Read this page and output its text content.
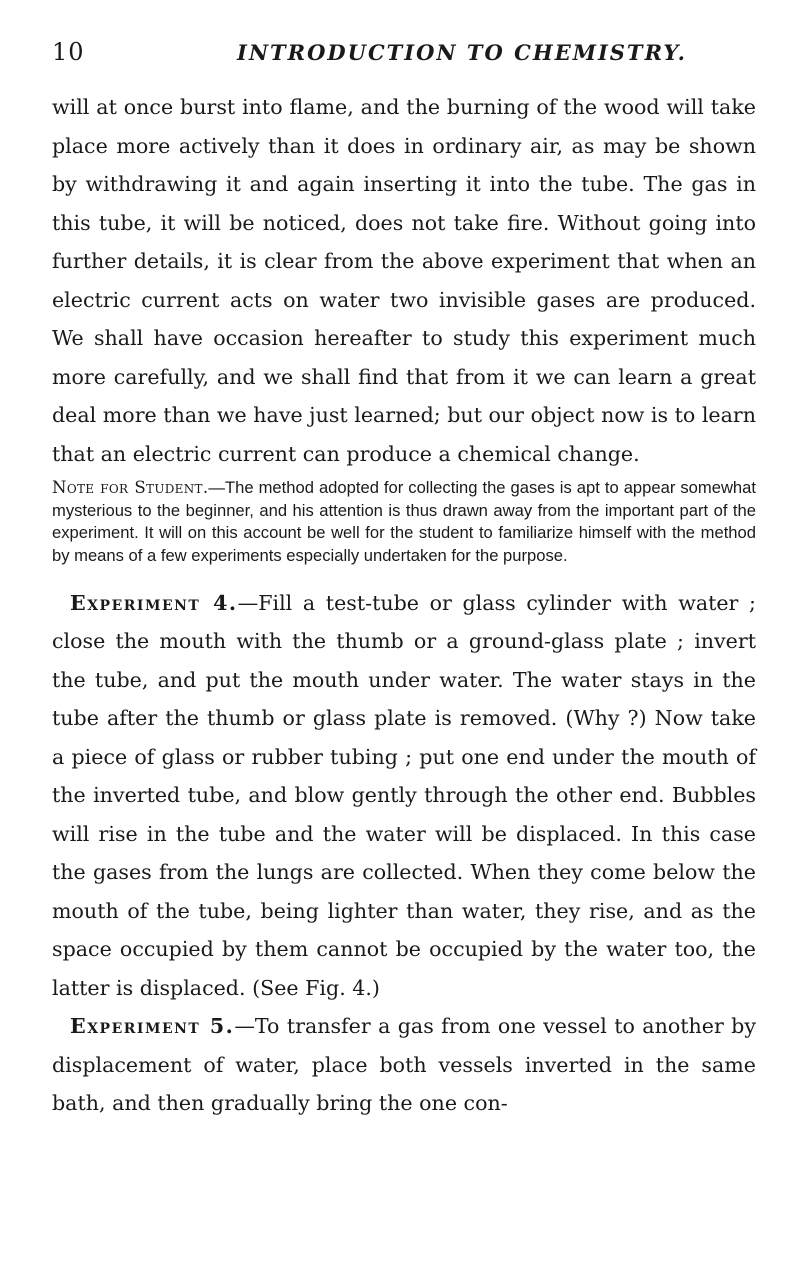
10	INTRODUCTION TO CHEMISTRY.

will at once burst into flame, and the burning of the wood will take place more actively than it does in ordinary air, as may be shown by withdrawing it and again inserting it into the tube. The gas in this tube, it will be noticed, does not take fire. Without going into further details, it is clear from the above experiment that when an electric current acts on water two invisible gases are produced. We shall have occasion hereafter to study this experiment much more carefully, and we shall find that from it we can learn a great deal more than we have just learned; but our object now is to learn that an electric current can produce a chemical change.

Note for Student.—The method adopted for collecting the gases is apt to appear somewhat mysterious to the beginner, and his attention is thus drawn away from the important part of the experiment. It will on this account be well for the student to familiarize himself with the method by means of a few experiments especially undertaken for the purpose.

Experiment 4.—Fill a test-tube or glass cylinder with water ; close the mouth with the thumb or a ground-glass plate ; invert the tube, and put the mouth under water. The water stays in the tube after the thumb or glass plate is removed. (Why ?) Now take a piece of glass or rubber tubing ; put one end under the mouth of the inverted tube, and blow gently through the other end. Bubbles will rise in the tube and the water will be displaced. In this case the gases from the lungs are collected. When they come below the mouth of the tube, being lighter than water, they rise, and as the space occupied by them cannot be occupied by the water too, the latter is displaced. (See Fig. 4.)

Experiment 5.—To transfer a gas from one vessel to another by displacement of water, place both vessels inverted in the same bath, and then gradually bring the one con-
